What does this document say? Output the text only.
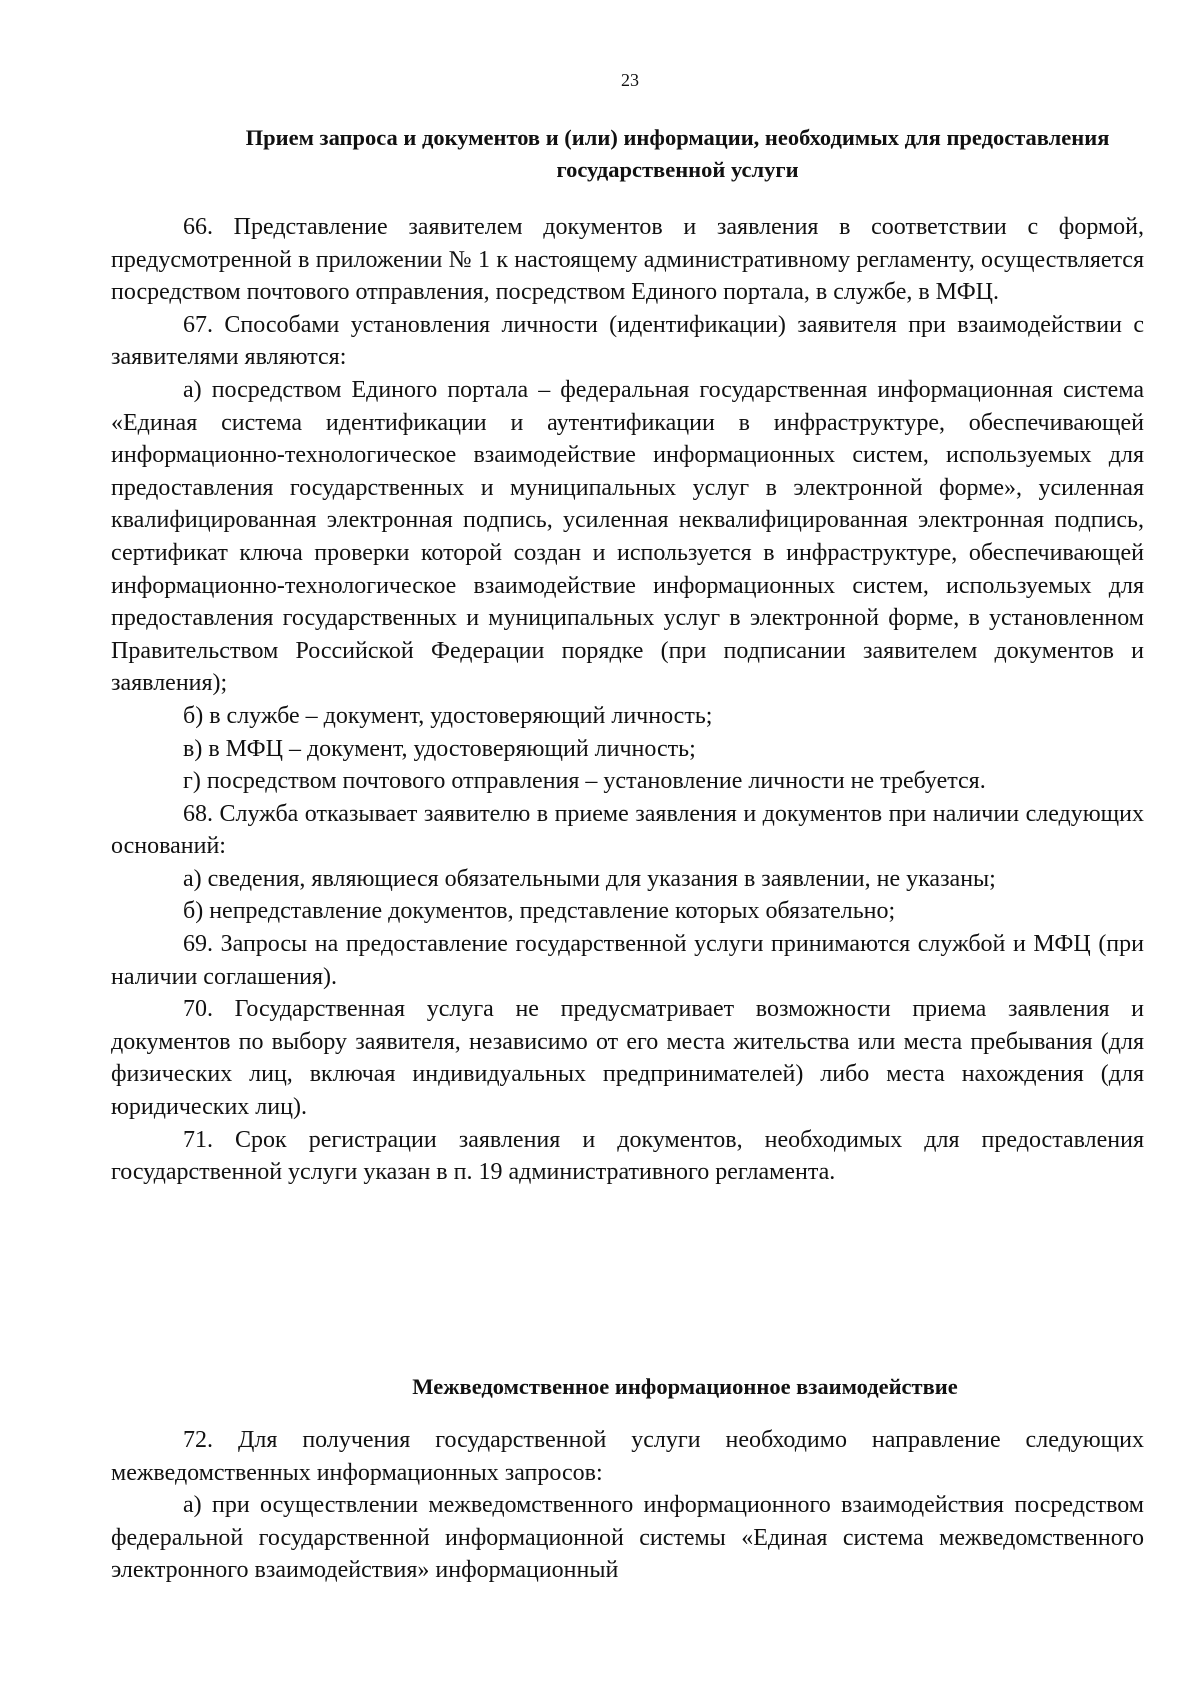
23
Прием запроса и документов и (или) информации, необходимых для предоставления государственной услуги

66. Представление заявителем документов и заявления в соответствии с формой, предусмотренной в приложении № 1 к настоящему административному регламенту, осуществляется посредством почтового отправления, посредством Единого портала, в службе, в МФЦ.

67. Способами установления личности (идентификации) заявителя при взаимодействии с заявителями являются:

а) посредством Единого портала – федеральная государственная информационная система «Единая система идентификации и аутентификации в инфраструктуре, обеспечивающей информационно-технологическое взаимодействие информационных систем, используемых для предоставления государственных и муниципальных услуг в электронной форме», усиленная квалифицированная электронная подпись, усиленная неквалифицированная электронная подпись, сертификат ключа проверки которой создан и используется в инфраструктуре, обеспечивающей информационно-технологическое взаимодействие информационных систем, используемых для предоставления государственных и муниципальных услуг в электронной форме, в установленном Правительством Российской Федерации порядке (при подписании заявителем документов и заявления);

б) в службе – документ, удостоверяющий личность;

в) в МФЦ – документ, удостоверяющий личность;

г) посредством почтового отправления – установление личности не требуется.

68. Служба отказывает заявителю в приеме заявления и документов при наличии следующих оснований:

а) сведения, являющиеся обязательными для указания в заявлении, не указаны;

б) непредставление документов, представление которых обязательно;

69. Запросы на предоставление государственной услуги принимаются службой и МФЦ (при наличии соглашения).

70. Государственная услуга не предусматривает возможности приема заявления и документов по выбору заявителя, независимо от его места жительства или места пребывания (для физических лиц, включая индивидуальных предпринимателей) либо места нахождения (для юридических лиц).

71. Срок регистрации заявления и документов, необходимых для предоставления государственной услуги указан в п. 19 административного регламента.

Межведомственное информационное взаимодействие

72. Для получения государственной услуги необходимо направление следующих межведомственных информационных запросов:

а) при осуществлении межведомственного информационного взаимодействия посредством федеральной государственной информационной системы «Единая система межведомственного электронного взаимодействия» информационный
